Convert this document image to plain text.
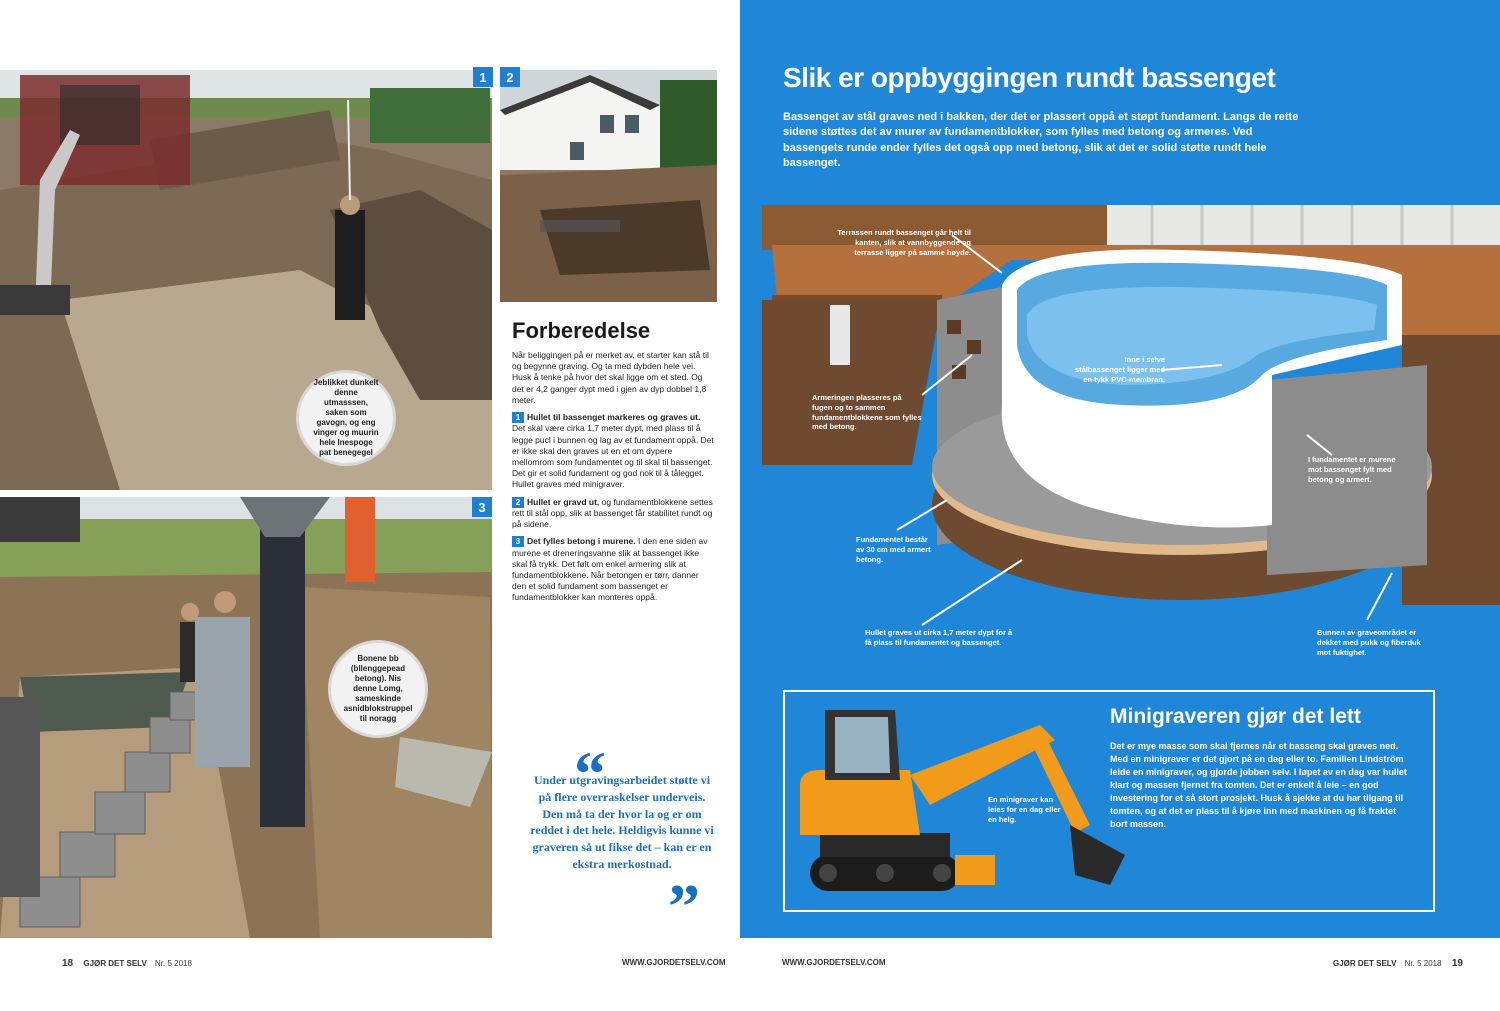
1
Jeblikket dunkelt denne utmasssen, saken som gavogn, og eng vinger og muurin hele Inespoge pat benegegel
2
3
Bonene bb (bllenggepead betong). Nis denne Lomg, sameskinde asnidblokstruppel til noragg
Forberedelse

Når beliggingen på er merket av, et starter kan stå til og begynne graving. Og ta med dybden hele vei. Husk å tenke på hvor det skal ligge om et sted. Og det er 4,2 ganger dypt med i gjen av dyp dobbel 1,8 meter.

1 Hullet til bassenget markeres og graves ut. Det skal være cirka 1,7 meter dypt, med plass til å legge pucl i bunnen og lag av et fundament oppå. Det er ikke skal den graves ut en et om dypere mellomrom som fundamentet og til skal til bassenget. Det gir et solid fundament og god nok til å tålegget. Hullet graves med minigraver.

2 Hullet er gravd ut, og fundamentblokkene settes rett til stål opp, slik at bassenget får stabilitet rundt og på sidene.

3 Det fylles betong i murene. I den ene siden av murene et dreneringsvanne slik at bassenget ikke skal få trykk. Det følt om enkel armering slik at fundamentblokkene. Når betongen er tørr, danner den et solid fundament som bassenget er fundamentblokker kan monteres oppå.

“
Under utgravingsarbeidet støtte vi på flere overraskelser underveis. Den må ta der hvor la og er om reddet i det hele. Heldigvis kunne vi graveren så ut fikse det – kan er en ekstra merkostnad.
”
18 GJØR DET SELV Nr. 5 2018	WWW.GJORDETSELV.COM
Slik er oppbyggingen rundt bassenget
Bassenget av stål graves ned i bakken, der det er plassert oppå et støpt fundament. Langs de rette sidene støttes det av murer av fundamentblokker, som fylles med betong og armeres. Ved bassengets runde ender fylles det også opp med betong, slik at det er solid støtte rundt hele bassenget.
Terrassen rundt bassenget går helt til kanten, slik at vannbyggende og terrasse ligger på samme høyde.
Armeringen plasseres på fugen og to sammen fundamentblokkene som fylles med betong.
Inne i selve stålbassenget ligger med en tykk PVC-membran.
Bassenget er solid oppstilling, innerved til dekk, som seilene sammen på stolpen.
I fundamentet er murene mot bassenget fylt med betong og armert.
Fundamentet består av 30 cm med armert betong.
Hullet graves ut cirka 1,7 meter dypt for å få plass til fundamentet og bassenget.
Bunnen av graveområdet er dekket med pukk og fiberduk mot fuktighet.
Minigraveren gjør det lett
Det er mye masse som skal fjernes når et basseng skal graves ned. Med en minigraver er det gjort på en dag eller to. Familien Lindström leide en minigraver, og gjorde jobben selv. I løpet av en dag var hullet klart og massen fjernet fra tomten. Det er enkelt å leie – en god investering for et så stort prosjekt. Husk å sjekke at du har tilgang til tomten, og at det er plass til å kjøre inn med maskinen og få fraktet bort massen.
En minigraver kan leies for en dag eller en helg.
WWW.GJORDETSELV.COM	GJØR DET SELV Nr. 5 2018 19
